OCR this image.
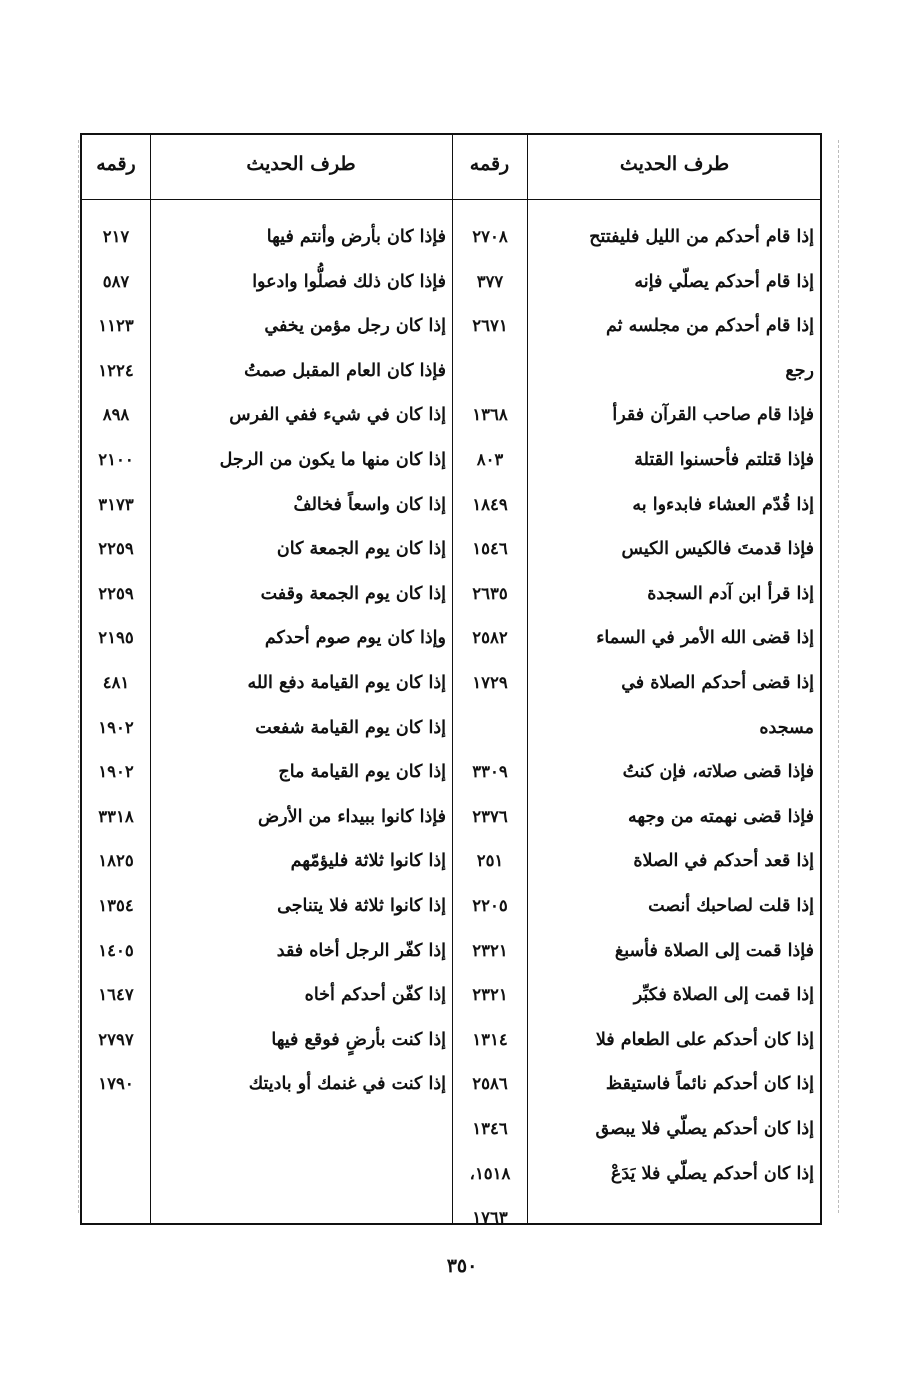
طرف الحديث
رقمه
طرف الحديث
رقمه
إذا قام أحدكم من الليل فليفتتح
٢٧٠٨
إذا قام أحدكم يصلّي فإنه
٣٧٧
إذا قام أحدكم من مجلسه ثم
٢٦٧١
رجع
فإذا قام صاحب القرآن فقرأ
١٣٦٨
فإذا قتلتم فأحسنوا القتلة
٨٠٣
إذا قُدّم العشاء فابدءوا به
١٨٤٩
فإذا قدمتَ فالكيس الكيس
١٥٤٦
إذا قرأ ابن آدم السجدة
٢٦٣٥
إذا قضى الله الأمر في السماء
٢٥٨٢
إذا قضى أحدكم الصلاة في
١٧٢٩
مسجده
فإذا قضى صلاته، فإن كنتُ
٣٣٠٩
فإذا قضى نهمته من وجهه
٢٣٧٦
إذا قعد أحدكم في الصلاة
٢٥١
إذا قلت لصاحبك أنصت
٢٢٠٥
فإذا قمت إلى الصلاة فأسبغ
٢٣٢١
إذا قمت إلى الصلاة فكبِّر
٢٣٢١
إذا كان أحدكم على الطعام فلا
١٣١٤
إذا كان أحدكم نائماً فاستيقظ
٢٥٨٦
إذا كان أحدكم يصلّي فلا يبصق
١٣٤٦
إذا كان أحدكم يصلّي فلا يَدَعْ
١٥١٨،
١٧٦٣
فإذا كان بأرض وأنتم فيها
٢١٧
فإذا كان ذلك فصلُّوا وادعوا
٥٨٧
إذا كان رجل مؤمن يخفي
١١٢٣
فإذا كان العام المقبل صمتُ
١٢٢٤
إذا كان في شيء ففي الفرس
٨٩٨
إذا كان منها ما يكون من الرجل
٢١٠٠
إذا كان واسعاً فخالفْ
٣١٧٣
إذا كان يوم الجمعة كان
٢٢٥٩
إذا كان يوم الجمعة وقفت
٢٢٥٩
وإذا كان يوم صوم أحدكم
٢١٩٥
إذا كان يوم القيامة دفع الله
٤٨١
إذا كان يوم القيامة شفعت
١٩٠٢
إذا كان يوم القيامة ماج
١٩٠٢
فإذا كانوا ببيداء من الأرض
٣٣١٨
إذا كانوا ثلاثة فليؤمّهم
١٨٢٥
إذا كانوا ثلاثة فلا يتناجى
١٣٥٤
إذا كفّر الرجل أخاه فقد
١٤٠٥
إذا كفّن أحدكم أخاه
١٦٤٧
إذا كنت بأرضٍ فوقع فيها
٢٧٩٧
إذا كنت في غنمك أو باديتك
١٧٩٠
٣٥٠
